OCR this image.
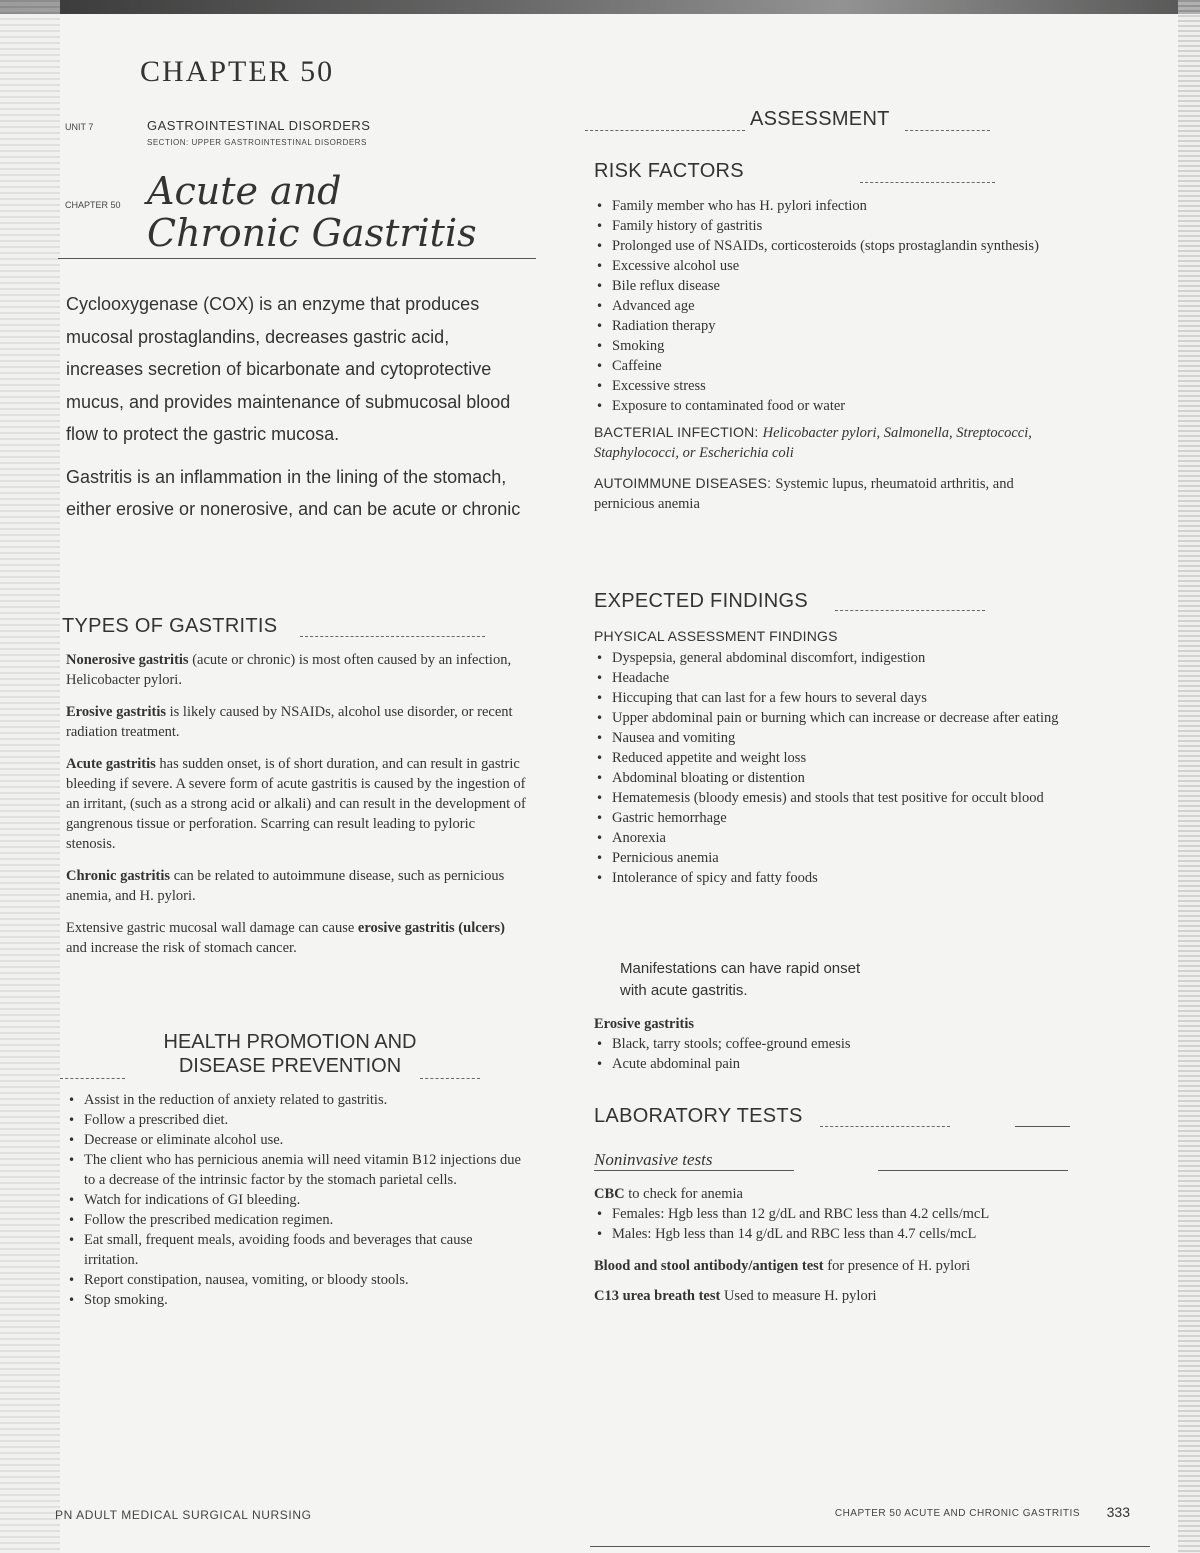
CHAPTER 50
UNIT 7	GASTROINTESTINAL DISORDERS
SECTION: UPPER GASTROINTESTINAL DISORDERS
CHAPTER 50 Acute and
Chronic Gastritis

Cyclooxygenase (COX) is an enzyme that produces mucosal prostaglandins, decreases gastric acid, increases secretion of bicarbonate and cytoprotective mucus, and provides maintenance of submucosal blood flow to protect the gastric mucosa.

Gastritis is an inflammation in the lining of the stomach, either erosive or nonerosive, and can be acute or chronic

TYPES OF GASTRITIS

Nonerosive gastritis (acute or chronic) is most often caused by an infection, Helicobacter pylori.

Erosive gastritis is likely caused by NSAIDs, alcohol use disorder, or recent radiation treatment.

Acute gastritis has sudden onset, is of short duration, and can result in gastric bleeding if severe. A severe form of acute gastritis is caused by the ingestion of an irritant, (such as a strong acid or alkali) and can result in the development of gangrenous tissue or perforation. Scarring can result leading to pyloric stenosis.

Chronic gastritis can be related to autoimmune disease, such as pernicious anemia, and H. pylori.

Extensive gastric mucosal wall damage can cause erosive gastritis (ulcers) and increase the risk of stomach cancer.

HEALTH PROMOTION AND
DISEASE PREVENTION
• Assist in the reduction of anxiety related to gastritis.
• Follow a prescribed diet.
• Decrease or eliminate alcohol use.
• The client who has pernicious anemia will need vitamin B12 injections due to a decrease of the intrinsic factor by the stomach parietal cells.
• Watch for indications of GI bleeding.
• Follow the prescribed medication regimen.
• Eat small, frequent meals, avoiding foods and beverages that cause irritation.
• Report constipation, nausea, vomiting, or bloody stools.
• Stop smoking.
ASSESSMENT
RISK FACTORS
• Family member who has H. pylori infection
• Family history of gastritis
• Prolonged use of NSAIDs, corticosteroids (stops prostaglandin synthesis)
• Excessive alcohol use
• Bile reflux disease
• Advanced age
• Radiation therapy
• Smoking
• Caffeine
• Excessive stress
• Exposure to contaminated food or water

BACTERIAL INFECTION: Helicobacter pylori, Salmonella, Streptococci, Staphylococci, or Escherichia coli

AUTOIMMUNE DISEASES: Systemic lupus, rheumatoid arthritis, and pernicious anemia

EXPECTED FINDINGS
PHYSICAL ASSESSMENT FINDINGS
• Dyspepsia, general abdominal discomfort, indigestion
• Headache
• Hiccuping that can last for a few hours to several days
• Upper abdominal pain or burning which can increase or decrease after eating
• Nausea and vomiting
• Reduced appetite and weight loss
• Abdominal bloating or distention
• Hematemesis (bloody emesis) and stools that test positive for occult blood
• Gastric hemorrhage
• Anorexia
• Pernicious anemia
• Intolerance of spicy and fatty foods
Manifestations can have rapid onset with acute gastritis.
Erosive gastritis
• Black, tarry stools; coffee-ground emesis
• Acute abdominal pain
LABORATORY TESTS
Noninvasive tests
CBC to check for anemia
• Females: Hgb less than 12 g/dL and RBC less than 4.2 cells/mcL
• Males: Hgb less than 14 g/dL and RBC less than 4.7 cells/mcL

Blood and stool antibody/antigen test for presence of H. pylori

C13 urea breath test Used to measure H. pylori

PN ADULT MEDICAL SURGICAL NURSING	CHAPTER 50 ACUTE AND CHRONIC GASTRITIS 333
